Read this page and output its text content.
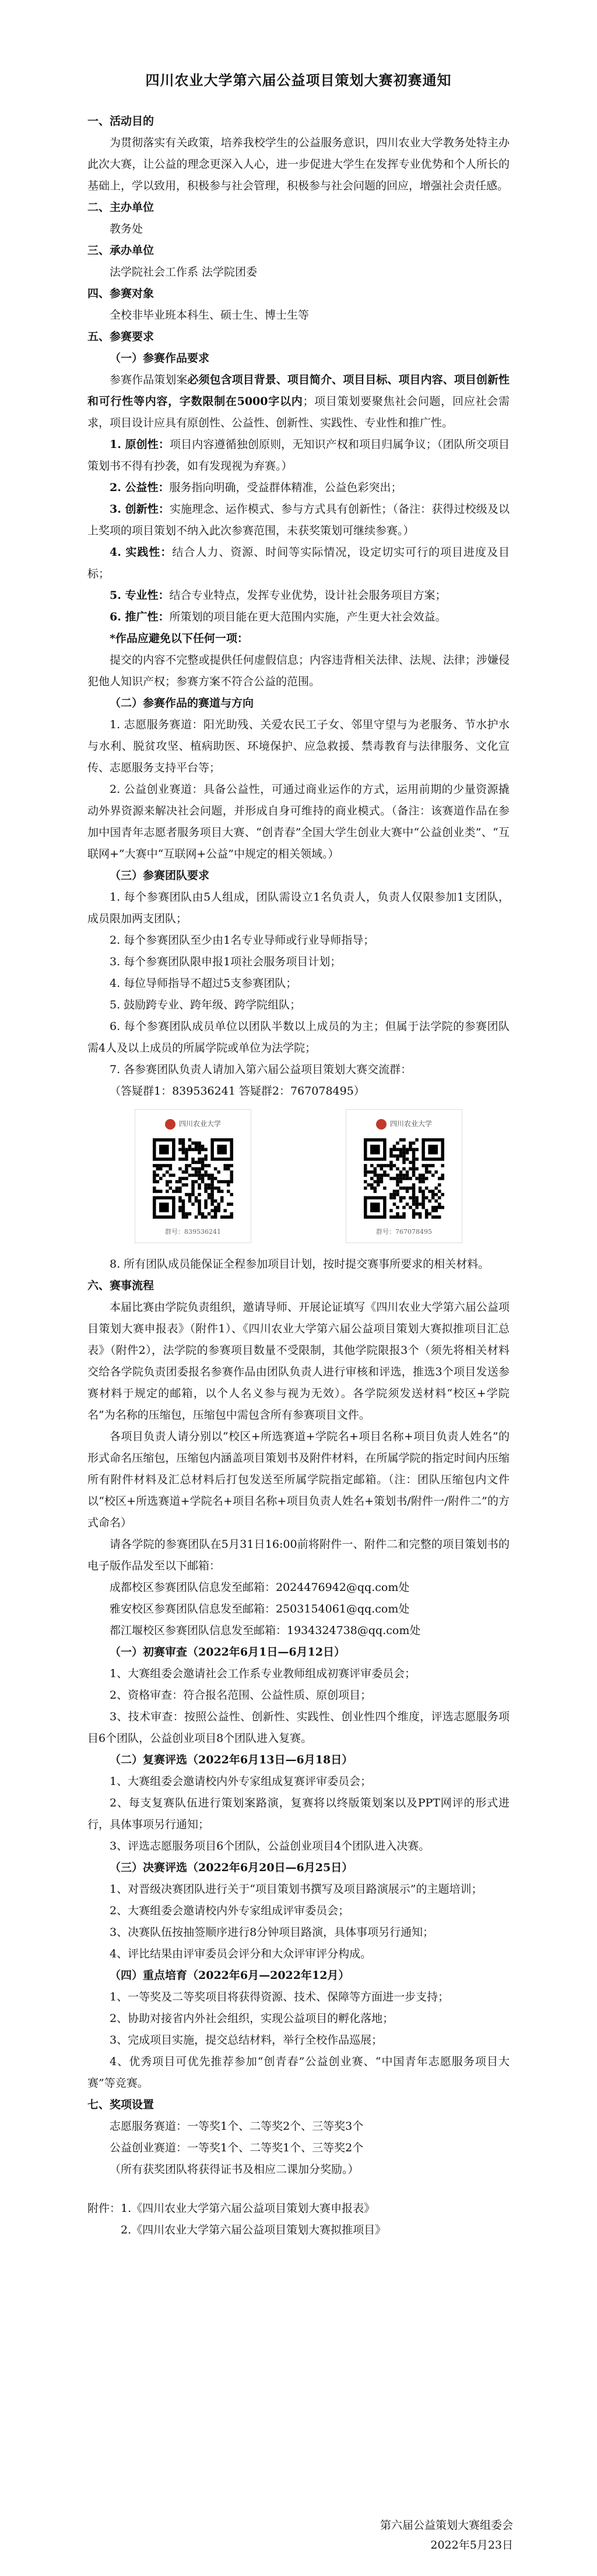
四川农业大学第六届公益项目策划大赛初赛通知

一、活动目的

为贯彻落实有关政策，培养我校学生的公益服务意识，四川农业大学教务处特主办此次大赛，让公益的理念更深入人心，进一步促进大学生在发挥专业优势和个人所长的基础上，学以致用，积极参与社会管理，积极参与社会问题的回应，增强社会责任感。

二、主办单位

教务处

三、承办单位

法学院社会工作系 法学院团委

四、参赛对象

全校非毕业班本科生、硕士生、博士生等

五、参赛要求

（一）参赛作品要求

参赛作品策划案必须包含项目背景、项目简介、项目目标、项目内容、项目创新性和可行性等内容，字数限制在5000字以内；项目策划要聚焦社会问题，回应社会需求，项目设计应具有原创性、公益性、创新性、实践性、专业性和推广性。

1. 原创性：项目内容遵循独创原则，无知识产权和项目归属争议；（团队所交项目策划书不得有抄袭，如有发现视为弃赛。）

2. 公益性：服务指向明确，受益群体精准，公益色彩突出；

3. 创新性：实施理念、运作模式、参与方式具有创新性；（备注：获得过校级及以上奖项的项目策划不纳入此次参赛范围，未获奖策划可继续参赛。）

4. 实践性：结合人力、资源、时间等实际情况，设定切实可行的项目进度及目标；

5. 专业性：结合专业特点，发挥专业优势，设计社会服务项目方案；

6. 推广性：所策划的项目能在更大范围内实施，产生更大社会效益。

*作品应避免以下任何一项：

提交的内容不完整或提供任何虚假信息；内容违背相关法律、法规、法律；涉嫌侵犯他人知识产权；参赛方案不符合公益的范围。

（二）参赛作品的赛道与方向

1. 志愿服务赛道：阳光助残、关爱农民工子女、邻里守望与为老服务、节水护水与水利、脱贫攻坚、植病助医、环境保护、应急救援、禁毒教育与法律服务、文化宣传、志愿服务支持平台等；

2. 公益创业赛道：具备公益性，可通过商业运作的方式，运用前期的少量资源撬动外界资源来解决社会问题，并形成自身可维持的商业模式。（备注：该赛道作品在参加中国青年志愿者服务项目大赛、“创青春”全国大学生创业大赛中“公益创业类”、“互联网+”大赛中“互联网+公益”中规定的相关领域。）

（三）参赛团队要求

1. 每个参赛团队由5人组成，团队需设立1名负责人，负责人仅限参加1支团队，成员限加两支团队；

2. 每个参赛团队至少由1名专业导师或行业导师指导；

3. 每个参赛团队限申报1项社会服务项目计划；

4. 每位导师指导不超过5支参赛团队；

5. 鼓励跨专业、跨年级、跨学院组队；

6. 每个参赛团队成员单位以团队半数以上成员的为主；但属于法学院的参赛团队需4人及以上成员的所属学院或单位为法学院；

7. 各参赛团队负责人请加入第六届公益项目策划大赛交流群：

（答疑群1：839536241 答疑群2：767078495）

四川农业大学
群号：839536241
四川农业大学
群号：767078495

8. 所有团队成员能保证全程参加项目计划，按时提交赛事所要求的相关材料。

六、赛事流程

本届比赛由学院负责组织，邀请导师、开展论证填写《四川农业大学第六届公益项目策划大赛申报表》（附件1）、《四川农业大学第六届公益项目策划大赛拟推项目汇总表》（附件2），法学院的参赛项目数量不受限制，其他学院限报3个（须先将相关材料交给各学院负责团委报名参赛作品由团队负责人进行审核和评选，推选3个项目发送参赛材料于规定的邮箱，以个人名义参与视为无效）。各学院须发送材料“校区+学院名”为名称的压缩包，压缩包中需包含所有参赛项目文件。

各项目负责人请分别以“校区+所选赛道+学院名+项目名称+项目负责人姓名”的形式命名压缩包，压缩包内涵盖项目策划书及附件材料，在所属学院的指定时间内压缩所有附件材料及汇总材料后打包发送至所属学院指定邮箱。（注：团队压缩包内文件以“校区+所选赛道+学院名+项目名称+项目负责人姓名+策划书/附件一/附件二”的方式命名）

请各学院的参赛团队在5月31日16:00前将附件一、附件二和完整的项目策划书的电子版作品发至以下邮箱：

成都校区参赛团队信息发至邮箱：2024476942@qq.com处

雅安校区参赛团队信息发至邮箱：2503154061@qq.com处

都江堰校区参赛团队信息发至邮箱：1934324738@qq.com处

（一）初赛审查（2022年6月1日—6月12日）

1、大赛组委会邀请社会工作系专业教师组成初赛评审委员会；

2、资格审查：符合报名范围、公益性质、原创项目；

3、技术审查：按照公益性、创新性、实践性、创业性四个维度，评选志愿服务项目6个团队，公益创业项目8个团队进入复赛。

（二）复赛评选（2022年6月13日—6月18日）

1、大赛组委会邀请校内外专家组成复赛评审委员会；

2、每支复赛队伍进行策划案路演，复赛将以终版策划案以及PPT网评的形式进行，具体事项另行通知；

3、评选志愿服务项目6个团队，公益创业项目4个团队进入决赛。

（三）决赛评选（2022年6月20日—6月25日）

1、对晋级决赛团队进行关于“项目策划书撰写及项目路演展示”的主题培训；

2、大赛组委会邀请校内外专家组成评审委员会；

3、决赛队伍按抽签顺序进行8分钟项目路演，具体事项另行通知；

4、评比结果由评审委员会评分和大众评审评分构成。

（四）重点培育（2022年6月—2022年12月）

1、一等奖及二等奖项目将获得资源、技术、保障等方面进一步支持；

2、协助对接省内外社会组织，实现公益项目的孵化落地；

3、完成项目实施，提交总结材料，举行全校作品巡展；

4、优秀项目可优先推荐参加“创青春”公益创业赛、“中国青年志愿服务项目大赛”等竞赛。

七、奖项设置

志愿服务赛道：一等奖1个、二等奖2个、三等奖3个

公益创业赛道：一等奖1个、二等奖1个、三等奖2个

（所有获奖团队将获得证书及相应二课加分奖励。）

附件：1.《四川农业大学第六届公益项目策划大赛申报表》

2.《四川农业大学第六届公益项目策划大赛拟推项目》

第六届公益策划大赛组委会
2022年5月23日
